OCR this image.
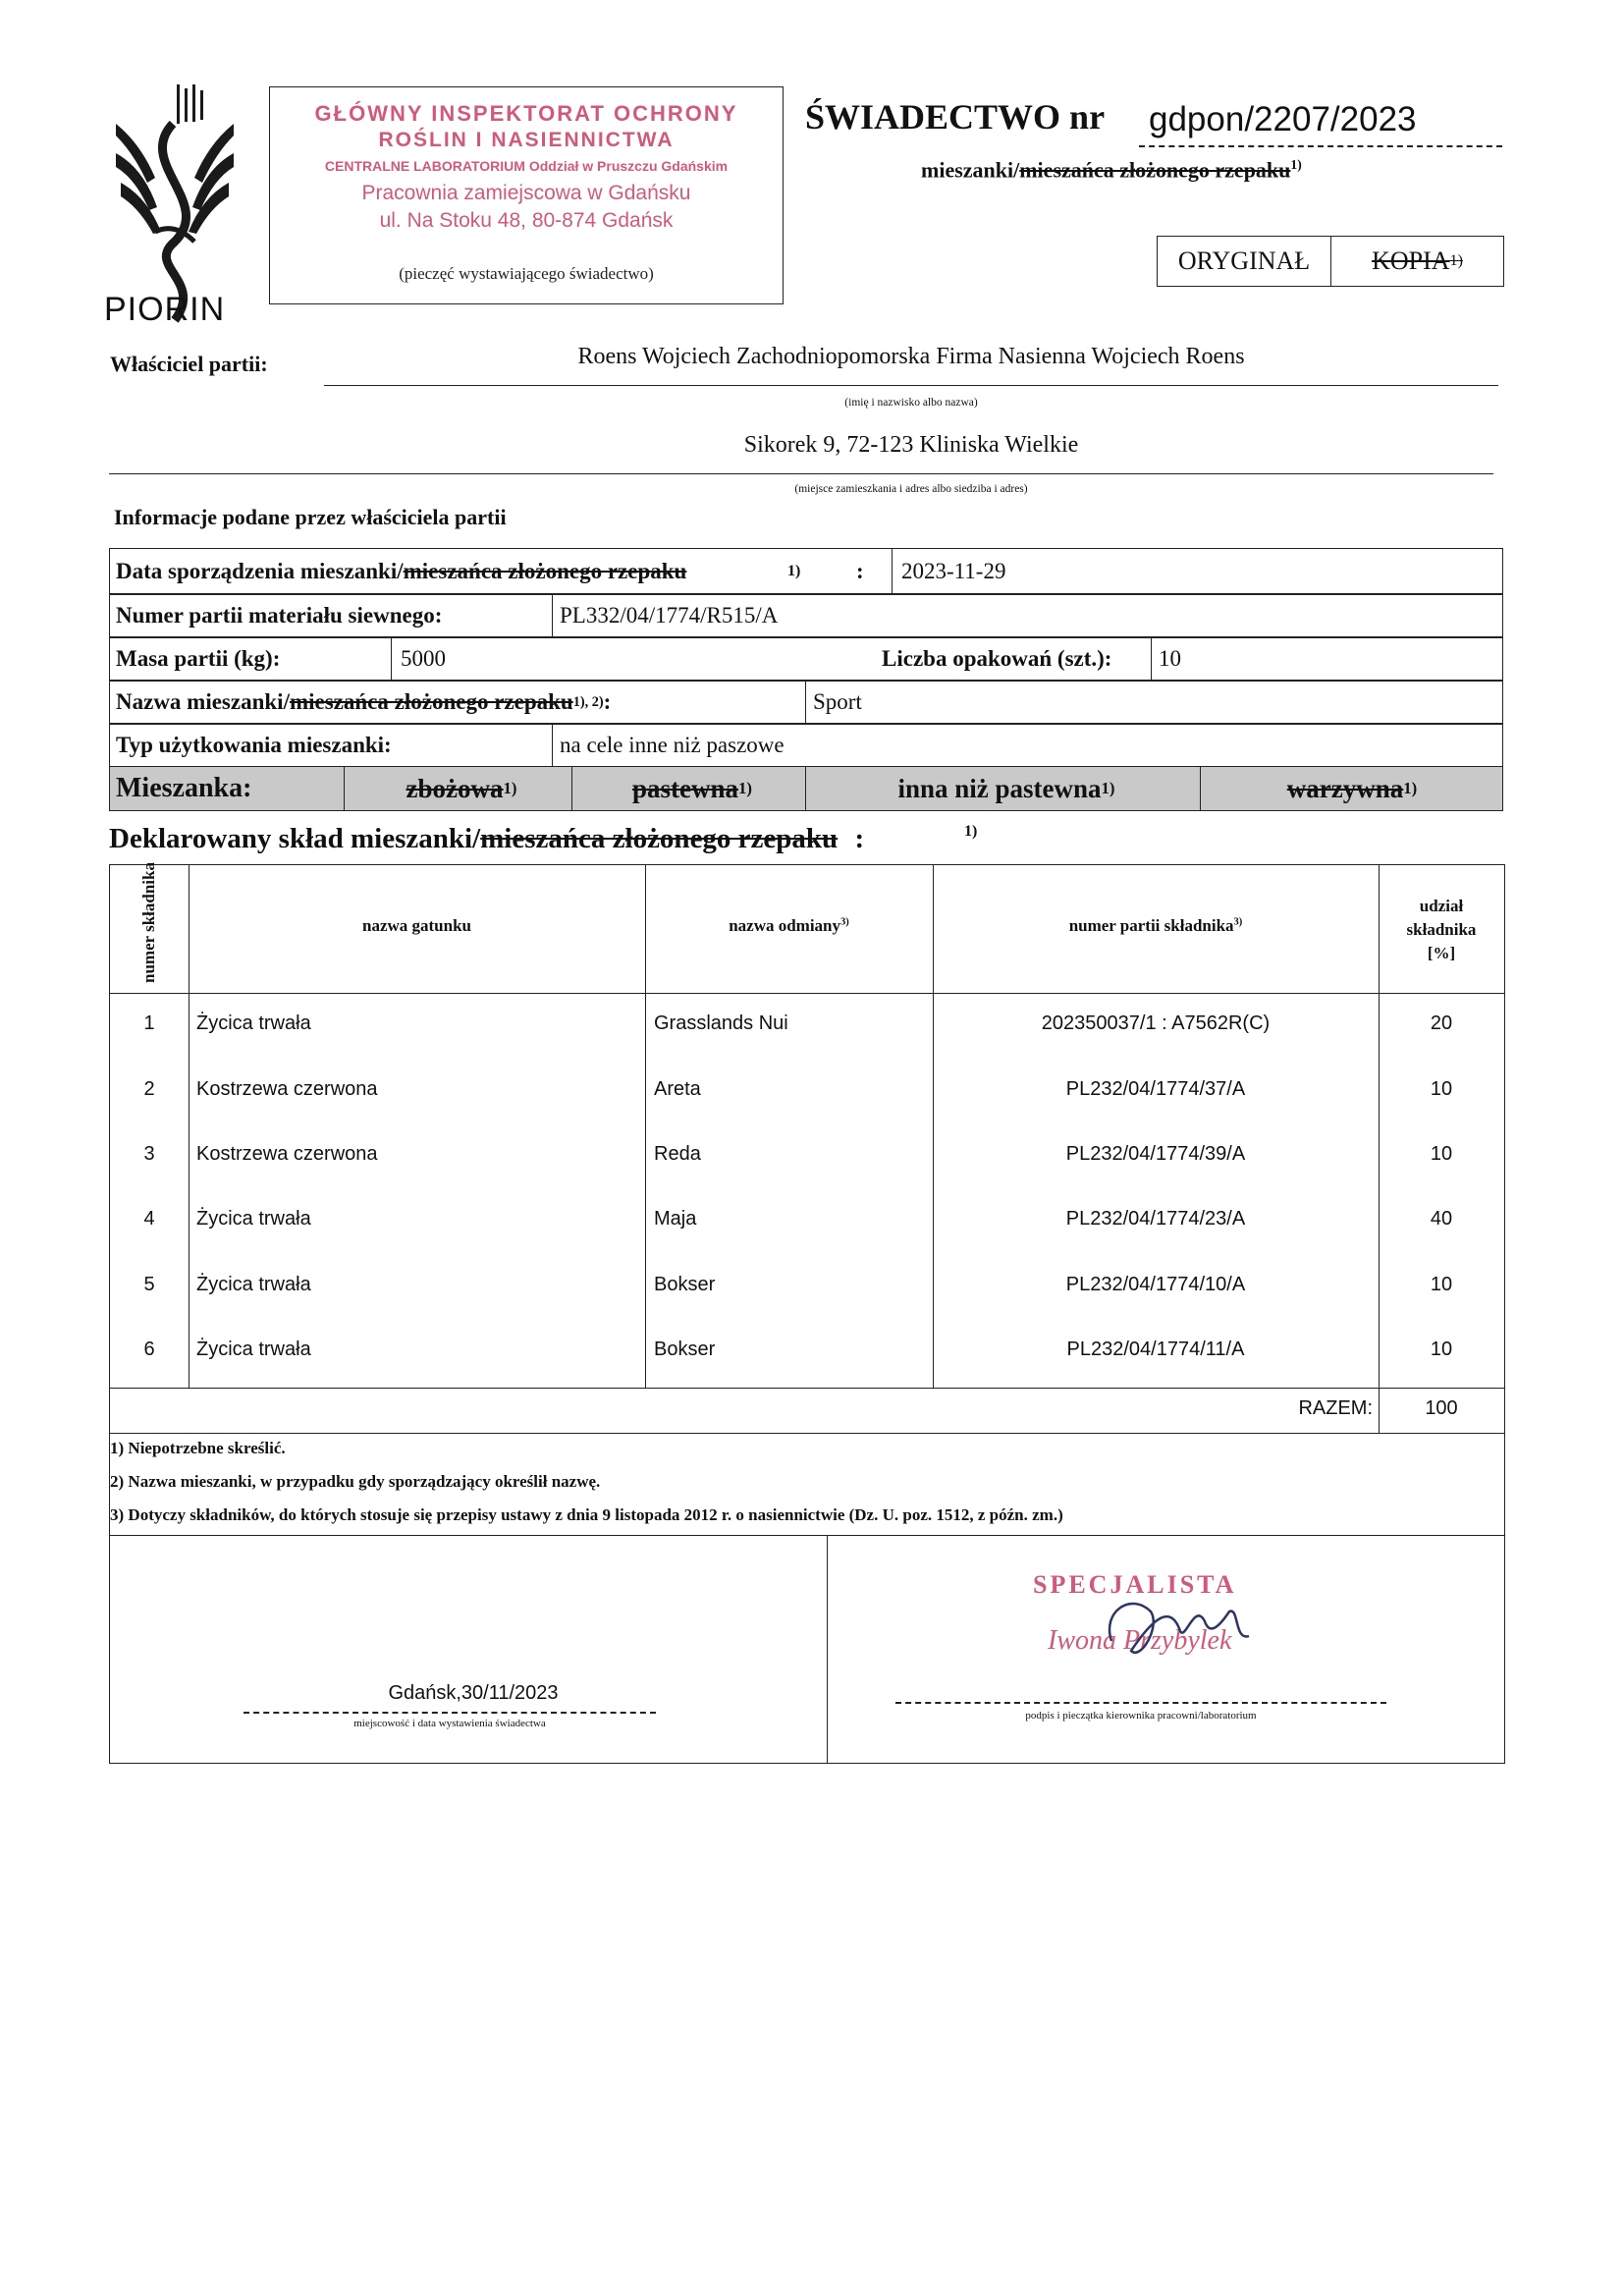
PIORIN
GŁÓWNY INSPEKTORAT OCHRONY
ROŚLIN I NASIENNICTWA
CENTRALNE LABORATORIUM Oddział w Pruszczu Gdańskim
Pracownia zamiejscowa w Gdańsku
ul. Na Stoku 48, 80-874 Gdańsk
(pieczęć wystawiającego świadectwo)
ŚWIADECTWO nr gdpon/2207/2023
mieszanki/mieszańca złożonego rzepaku$^{1)}$
ORYGINAŁ	KOPIA 1)
Właściciel partii:	Roens Wojciech Zachodniopomorska Firma Nasienna Wojciech Roens
(imię i nazwisko albo nazwa)
Sikorek 9, 72-123 Kliniska Wielkie
(miejsce zamieszkania i adres albo siedziba i adres)
Informacje podane przez właściciela partii
Data sporządzenia mieszanki/ mieszańca złożonego rzepaku	1)	:	2023-11-29
Numer partii materiału siewnego:	PL332/04/1774/R515/A
Masa partii (kg):	5000	Liczba opakowań (szt.):	10
Nazwa mieszanki/ mieszańca złożonego rzepaku 1), 2) :	Sport
Typ użytkowania mieszanki:	na cele inne niż paszowe
Mieszanka:	zbożowa 1)	pastewna 1)	inna niż pastewna 1)	warzywna 1)
Deklarowany skład mieszanki/mieszańca złożonego rzepaku :	1)
numer składnika	nazwa gatunku	nazwa odmiany$^{3)}$	numer partii składnika$^{3)}$
udział
składnika
[%]
1	Życica trwała	Grasslands Nui	202350037/1 : A7562R(C)	20
2	Kostrzewa czerwona	Areta	PL232/04/1774/37/A	10
3	Kostrzewa czerwona	Reda	PL232/04/1774/39/A	10
4	Życica trwała	Maja	PL232/04/1774/23/A	40
5	Życica trwała	Bokser	PL232/04/1774/10/A	10
6	Życica trwała	Bokser	PL232/04/1774/11/A	10
RAZEM:	100
1) Niepotrzebne skreślić.
2) Nazwa mieszanki, w przypadku gdy sporządzający określił nazwę.
3) Dotyczy składników, do których stosuje się przepisy ustawy z dnia 9 listopada 2012 r. o nasiennictwie (Dz. U. poz. 1512, z późn. zm.)
Gdańsk,30/11/2023
miejscowość i data wystawienia świadectwa
SPECJALISTA
Iwona Przybylek
podpis i pieczątka kierownika pracowni/laboratorium
